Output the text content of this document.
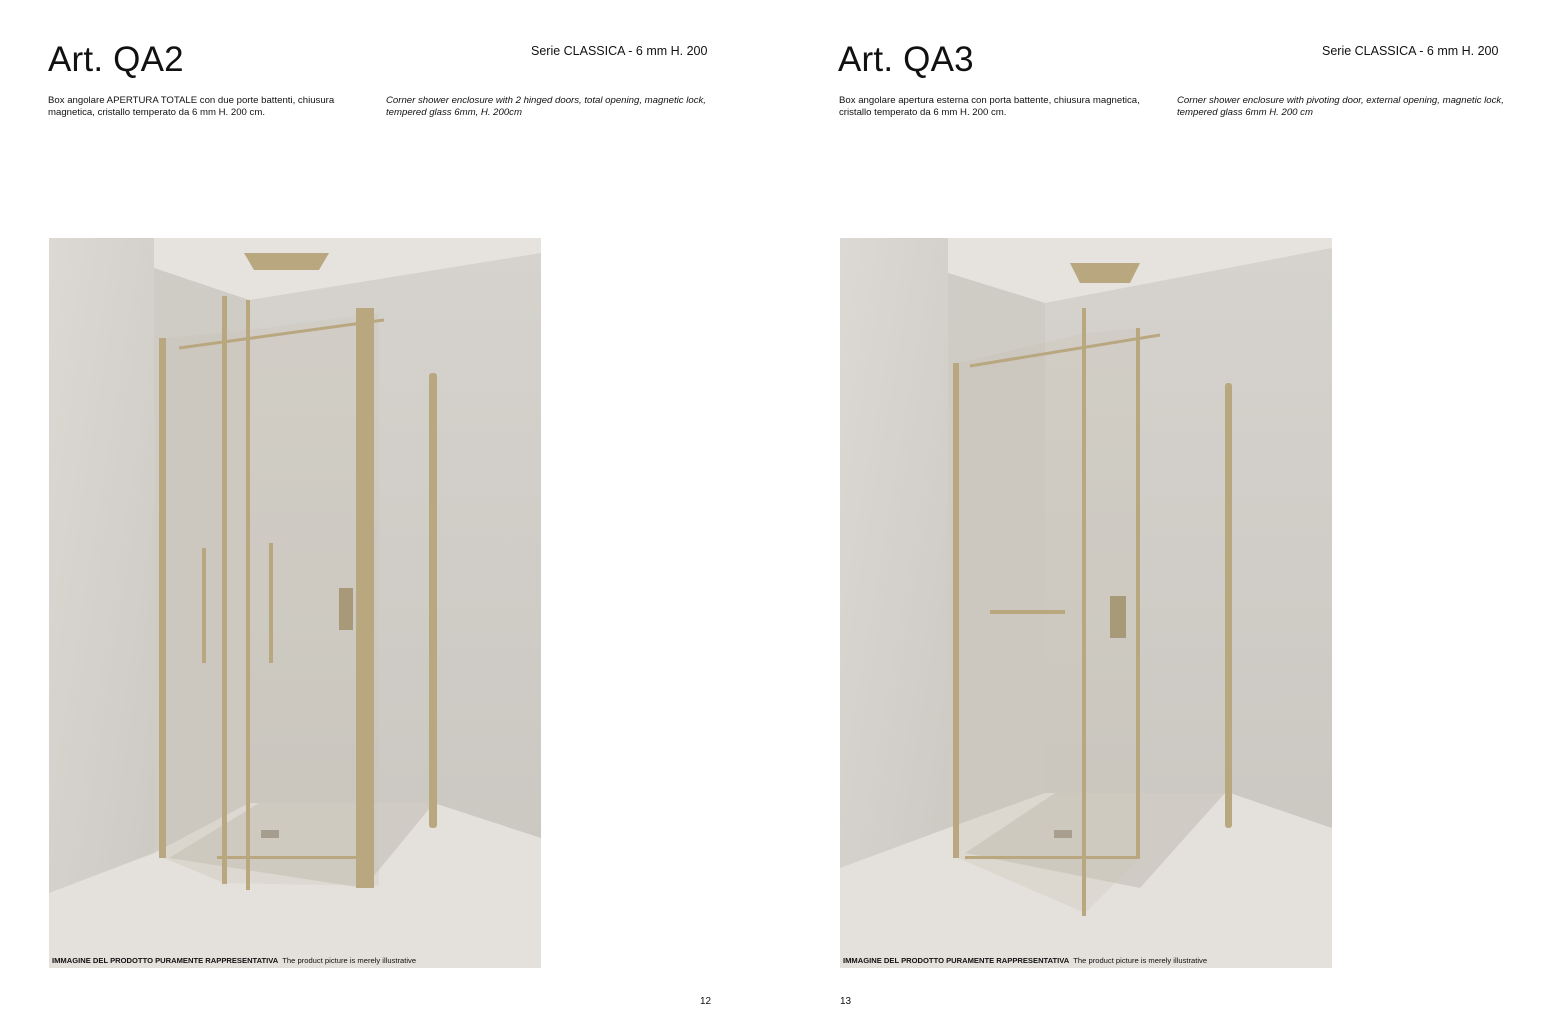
Art. QA2	Serie CLASSICA - 6 mm H. 200
Box angolare APERTURA TOTALE con due porte battenti, chiusura magnetica, cristallo temperato da 6 mm H. 200 cm.
Corner shower enclosure with 2 hinged doors, total opening, magnetic lock, tempered glass 6mm, H. 200cm
IMMAGINE DEL PRODOTTO PURAMENTE RAPPRESENTATIVA The product picture is merely illustrative
12
Art. QA3	Serie CLASSICA - 6 mm H. 200
Box angolare apertura esterna con porta battente, chiusura magnetica, cristallo temperato da 6 mm H. 200 cm.
Corner shower enclosure with pivoting door, external opening, magnetic lock, tempered glass 6mm H. 200 cm
IMMAGINE DEL PRODOTTO PURAMENTE RAPPRESENTATIVA The product picture is merely illustrative
13
